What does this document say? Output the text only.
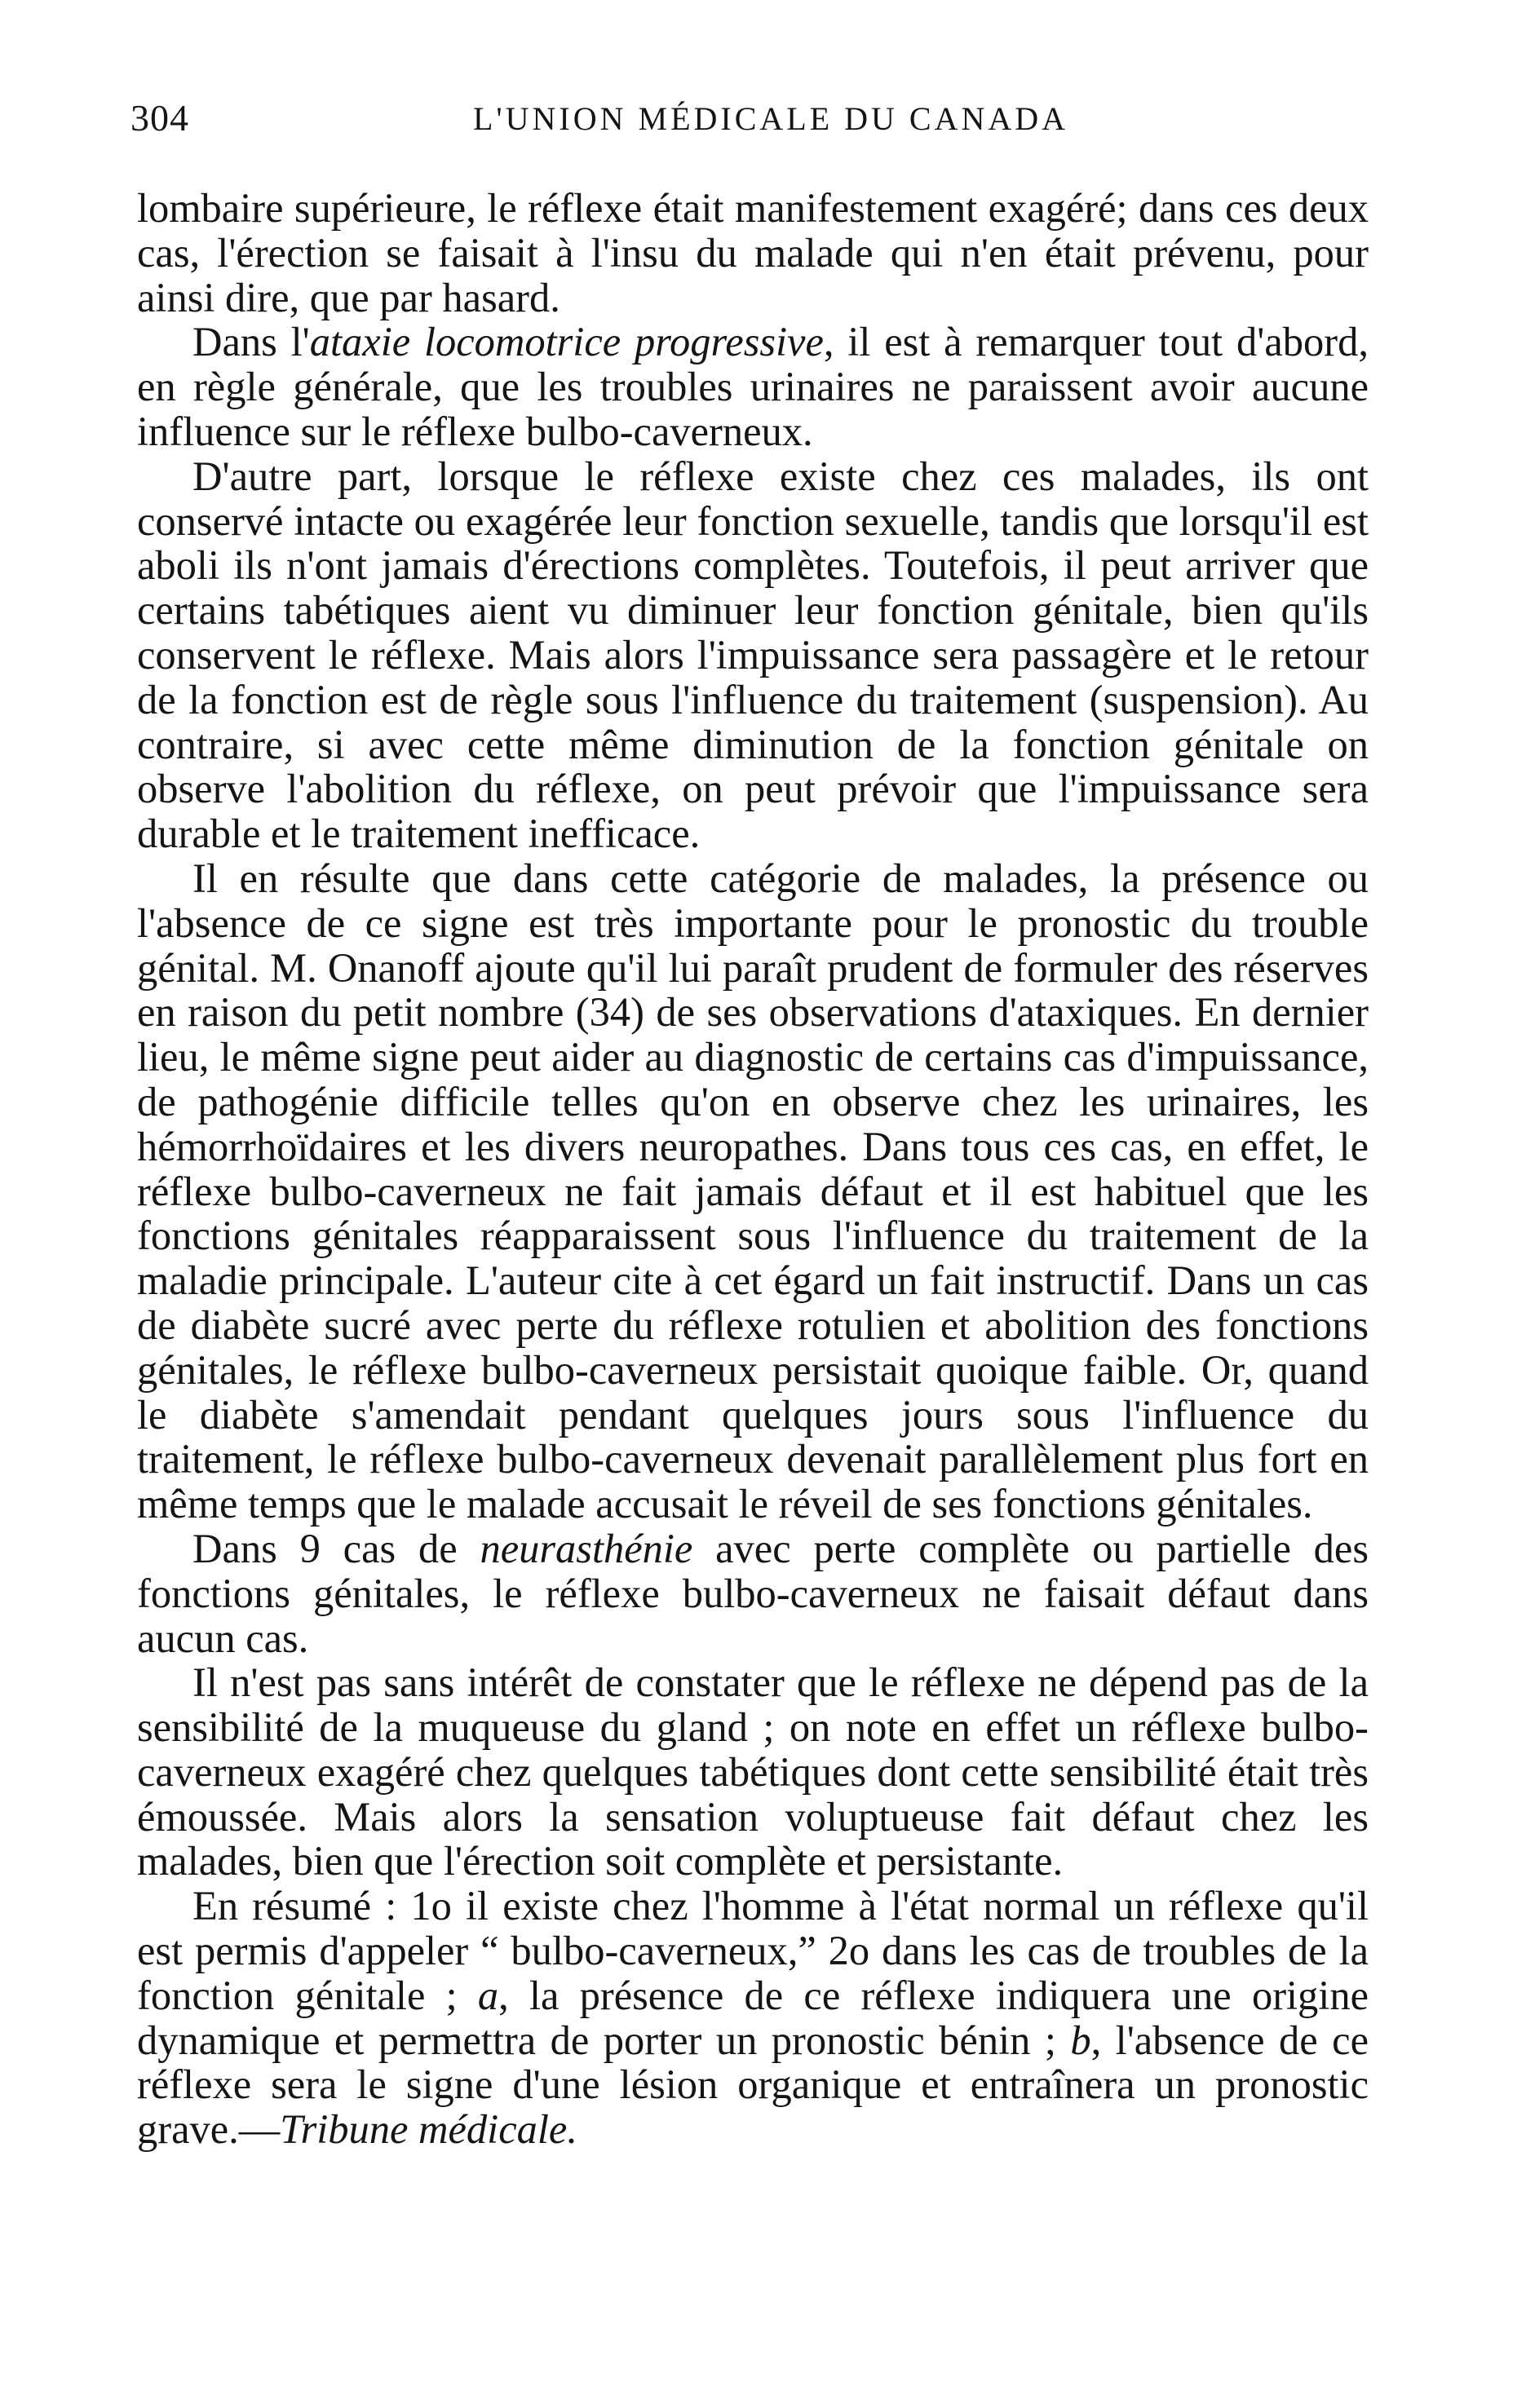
304	L'UNION MÉDICALE DU CANADA

lombaire supérieure, le réflexe était manifestement exagéré; dans ces deux cas, l'érection se faisait à l'insu du malade qui n'en était prévenu, pour ainsi dire, que par hasard.

Dans l'ataxie locomotrice progressive, il est à remarquer tout d'abord, en règle générale, que les troubles urinaires ne paraissent avoir aucune influence sur le réflexe bulbo-caverneux.

D'autre part, lorsque le réflexe existe chez ces malades, ils ont conservé intacte ou exagérée leur fonction sexuelle, tandis que lorsqu'il est aboli ils n'ont jamais d'érections complètes. Toutefois, il peut arriver que certains tabétiques aient vu diminuer leur fonction génitale, bien qu'ils conservent le réflexe. Mais alors l'impuissance sera passagère et le retour de la fonction est de règle sous l'influence du traitement (suspension). Au contraire, si avec cette même diminution de la fonction génitale on observe l'abolition du réflexe, on peut prévoir que l'impuissance sera durable et le traitement inefficace.

Il en résulte que dans cette catégorie de malades, la présence ou l'absence de ce signe est très importante pour le pronostic du trouble génital. M. Onanoff ajoute qu'il lui paraît prudent de formuler des réserves en raison du petit nombre (34) de ses observations d'ataxiques. En dernier lieu, le même signe peut aider au diagnostic de certains cas d'impuissance, de pathogénie difficile telles qu'on en observe chez les urinaires, les hémorrhoïdaires et les divers neuropathes. Dans tous ces cas, en effet, le réflexe bulbo-caverneux ne fait jamais défaut et il est habituel que les fonctions génitales réapparaissent sous l'influence du traitement de la maladie principale. L'auteur cite à cet égard un fait instructif. Dans un cas de diabète sucré avec perte du réflexe rotulien et abolition des fonctions génitales, le réflexe bulbo-caverneux persistait quoique faible. Or, quand le diabète s'amendait pendant quelques jours sous l'influence du traitement, le réflexe bulbo-caverneux devenait parallèlement plus fort en même temps que le malade accusait le réveil de ses fonctions génitales.

Dans 9 cas de neurasthénie avec perte complète ou partielle des fonctions génitales, le réflexe bulbo-caverneux ne faisait défaut dans aucun cas.

Il n'est pas sans intérêt de constater que le réflexe ne dépend pas de la sensibilité de la muqueuse du gland ; on note en effet un réflexe bulbo-caverneux exagéré chez quelques tabétiques dont cette sensibilité était très émoussée. Mais alors la sensation voluptueuse fait défaut chez les malades, bien que l'érection soit complète et persistante.

En résumé : 1o il existe chez l'homme à l'état normal un réflexe qu'il est permis d'appeler “ bulbo-caverneux,” 2o dans les cas de troubles de la fonction génitale ; a, la présence de ce réflexe indiquera une origine dynamique et permettra de porter un pronostic bénin ; b, l'absence de ce réflexe sera le signe d'une lésion organique et entraînera un pronostic grave.—Tribune médicale.
